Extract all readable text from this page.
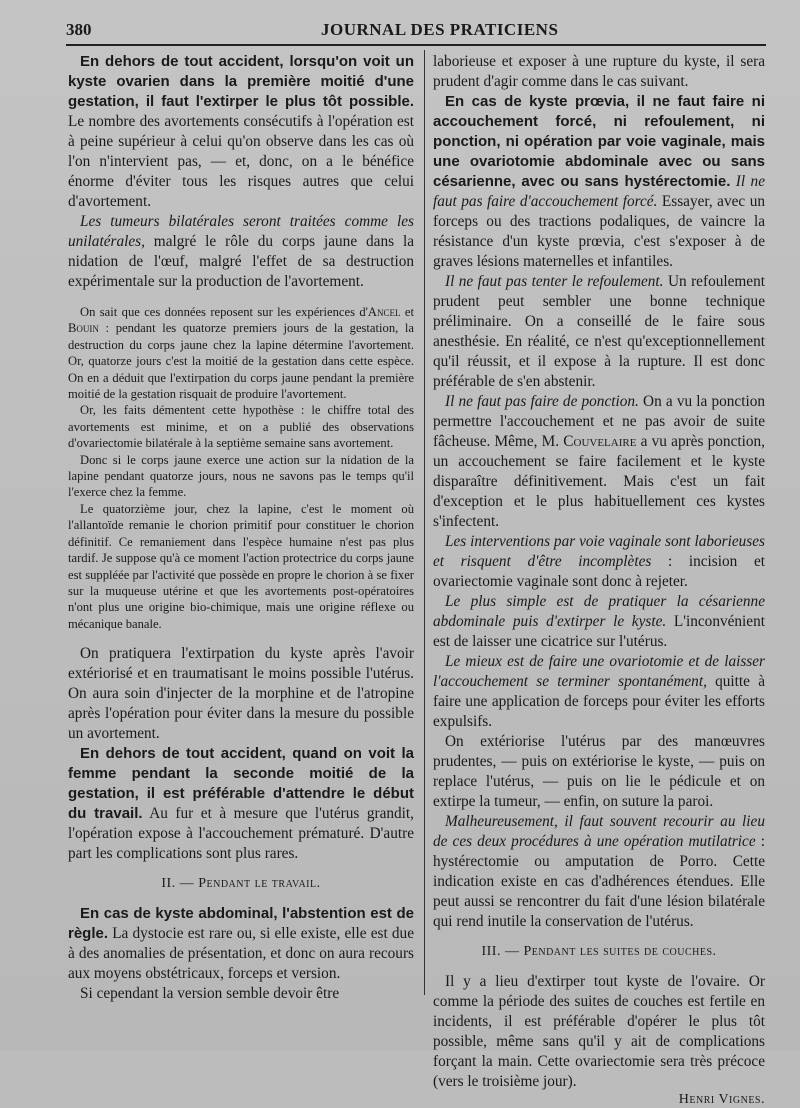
380	JOURNAL DES PRATICIENS

En dehors de tout accident, lorsqu'on voit un kyste ovarien dans la première moitié d'une gestation, il faut l'extirper le plus tôt possible. Le nombre des avortements consécutifs à l'opération est à peine supérieur à celui qu'on observe dans les cas où l'on n'intervient pas, — et, donc, on a le bénéfice énorme d'éviter tous les risques autres que celui d'avortement.

Les tumeurs bilatérales seront traitées comme les unilatérales, malgré le rôle du corps jaune dans la nidation de l'œuf, malgré l'effet de sa destruction expérimentale sur la production de l'avortement.

On sait que ces données reposent sur les expériences d'Ancel et Bouin : pendant les quatorze premiers jours de la gestation, la destruction du corps jaune chez la lapine détermine l'avortement. Or, quatorze jours c'est la moitié de la gestation dans cette espèce. On en a déduit que l'extirpation du corps jaune pendant la première moitié de la gestation risquait de produire l'avortement.

Or, les faits démentent cette hypothèse : le chiffre total des avortements est minime, et on a publié des observations d'ovariectomie bilatérale à la septième semaine sans avortement.

Donc si le corps jaune exerce une action sur la nidation de la lapine pendant quatorze jours, nous ne savons pas le temps qu'il l'exerce chez la femme.

Le quatorzième jour, chez la lapine, c'est le moment où l'allantoïde remanie le chorion primitif pour constituer le chorion définitif. Ce remaniement dans l'espèce humaine n'est pas plus tardif. Je suppose qu'à ce moment l'action protectrice du corps jaune est suppléée par l'activité que possède en propre le chorion à se fixer sur la muqueuse utérine et que les avortements post-opératoires n'ont plus une origine bio-chimique, mais une origine réflexe ou mécanique banale.

On pratiquera l'extirpation du kyste après l'avoir extériorisé et en traumatisant le moins possible l'utérus. On aura soin d'injecter de la morphine et de l'atropine après l'opération pour éviter dans la mesure du possible un avortement.

En dehors de tout accident, quand on voit la femme pendant la seconde moitié de la gestation, il est préférable d'attendre le début du travail. Au fur et à mesure que l'utérus grandit, l'opération expose à l'accouchement prématuré. D'autre part les complications sont plus rares.

II. — Pendant le travail.

En cas de kyste abdominal, l'abstention est de règle. La dystocie est rare ou, si elle existe, elle est due à des anomalies de présentation, et donc on aura recours aux moyens obstétricaux, forceps et version.

Si cependant la version semble devoir être

laborieuse et exposer à une rupture du kyste, il sera prudent d'agir comme dans le cas suivant.

En cas de kyste prœvia, il ne faut faire ni accouchement forcé, ni refoulement, ni ponction, ni opération par voie vaginale, mais une ovariotomie abdominale avec ou sans césarienne, avec ou sans hystérectomie. Il ne faut pas faire d'accouchement forcé. Essayer, avec un forceps ou des tractions podaliques, de vaincre la résistance d'un kyste prœvia, c'est s'exposer à de graves lésions maternelles et infantiles.

Il ne faut pas tenter le refoulement. Un refoulement prudent peut sembler une bonne technique préliminaire. On a conseillé de le faire sous anesthésie. En réalité, ce n'est qu'exceptionnellement qu'il réussit, et il expose à la rupture. Il est donc préférable de s'en abstenir.

Il ne faut pas faire de ponction. On a vu la ponction permettre l'accouchement et ne pas avoir de suite fâcheuse. Même, M. Couvelaire a vu après ponction, un accouchement se faire facilement et le kyste disparaître définitivement. Mais c'est un fait d'exception et le plus habituellement ces kystes s'infectent.

Les interventions par voie vaginale sont laborieuses et risquent d'être incomplètes : incision et ovariectomie vaginale sont donc à rejeter.

Le plus simple est de pratiquer la césarienne abdominale puis d'extirper le kyste. L'inconvénient est de laisser une cicatrice sur l'utérus.

Le mieux est de faire une ovariotomie et de laisser l'accouchement se terminer spontanément, quitte à faire une application de forceps pour éviter les efforts expulsifs.

On extériorise l'utérus par des manœuvres prudentes, — puis on extériorise le kyste, — puis on replace l'utérus, — puis on lie le pédicule et on extirpe la tumeur, — enfin, on suture la paroi.

Malheureusement, il faut souvent recourir au lieu de ces deux procédures à une opération mutilatrice : hystérectomie ou amputation de Porro. Cette indication existe en cas d'adhérences étendues. Elle peut aussi se rencontrer du fait d'une lésion bilatérale qui rend inutile la conservation de l'utérus.

III. — Pendant les suites de couches.

Il y a lieu d'extirper tout kyste de l'ovaire. Or comme la période des suites de couches est fertile en incidents, il est préférable d'opérer le plus tôt possible, même sans qu'il y ait de complications forçant la main. Cette ovariectomie sera très précoce (vers le troisième jour).

Henri Vignes.
